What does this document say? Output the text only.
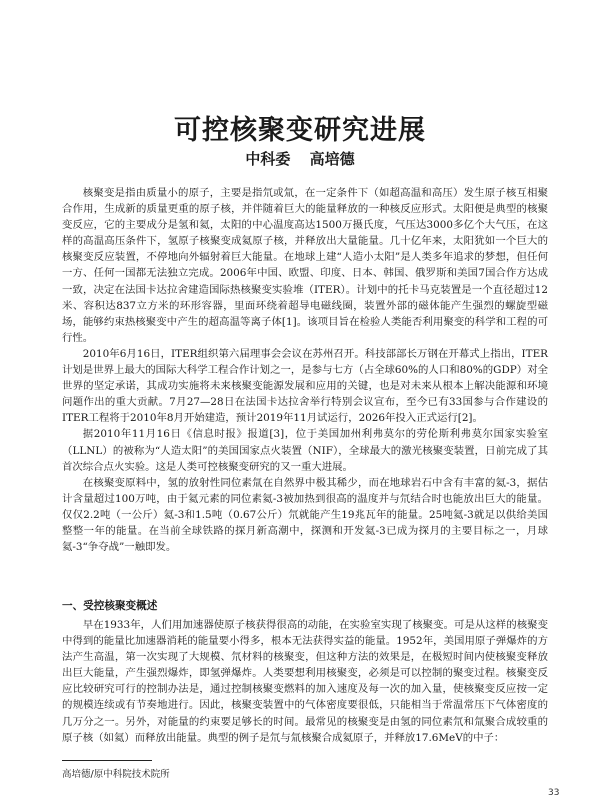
可控核聚变研究进展
中科委 高培德

核聚变是指由质量小的原子，主要是指氘或氚，在一定条件下（如超高温和高压）发生原子核互相聚合作用，生成新的质量更重的原子核，并伴随着巨大的能量释放的一种核反应形式。太阳便是典型的核聚变反应，它的主要成分是氢和氦，太阳的中心温度高达1500万摄氏度，气压达3000多亿个大气压，在这样的高温高压条件下，氢原子核聚变成氦原子核，并释放出大量能量。几十亿年来，太阳犹如一个巨大的核聚变反应装置，不停地向外辐射着巨大能量。在地球上建“人造小太阳”是人类多年追求的梦想，但任何一方、任何一国都无法独立完成。2006年中国、欧盟、印度、日本、韩国、俄罗斯和美国7国合作方达成一致，决定在法国卡达拉舍建造国际热核聚变实验堆（ITER）。计划中的托卡马克装置是一个直径超过12米、容积达837立方米的环形容器，里面环绕着超导电磁线圈，装置外部的磁体能产生强烈的螺旋型磁场，能够约束热核聚变中产生的超高温等离子体[1]。该项目旨在检验人类能否利用聚变的科学和工程的可行性。

2010年6月16日，ITER组织第六届理事会会议在苏州召开。科技部部长万钢在开幕式上指出，ITER计划是世界上最大的国际大科学工程合作计划之一，是参与七方（占全球60%的人口和80%的GDP）对全世界的坚定承诺，其成功实施将未来核聚变能源发展和应用的关键，也是对未来从根本上解决能源和环境问题作出的重大贡献。7月27—28日在法国卡达拉舍举行特别会议宣布，至今已有33国参与合作建设的ITER工程将于2010年8月开始建造，预计2019年11月试运行，2026年投入正式运行[2]。

据2010年11月16日《信息时报》报道[3]，位于美国加州利弗莫尔的劳伦斯利弗莫尔国家实验室（LLNL）的被称为“人造太阳”的美国国家点火装置（NIF），全球最大的激光核聚变装置，日前完成了其首次综合点火实验。这是人类可控核聚变研究的又一重大进展。

在核聚变原料中，氢的放射性同位素氚在自然界中极其稀少，而在地球岩石中含有丰富的氦-3，据估计含量超过100万吨，由于氦元素的同位素氦-3被加热到很高的温度并与氘结合时也能放出巨大的能量。仅仅2.2吨（一公斤）氦-3和1.5吨（0.67公斤）氘就能产生19兆瓦年的能量。25吨氦-3就足以供给美国整整一年的能量。在当前全球铁路的探月新高潮中，探测和开发氦-3已成为探月的主要目标之一，月球氦-3“争夺战”一触即发。

一、受控核聚变概述

早在1933年，人们用加速器使原子核获得很高的动能，在实验室实现了核聚变。可是从这样的核聚变中得到的能量比加速器消耗的能量要小得多，根本无法获得实益的能量。1952年，美国用原子弹爆炸的方法产生高温，第一次实现了大规模、氘材料的核聚变，但这种方法的效果是，在极短时间内使核聚变释放出巨大能量，产生强烈爆炸，即氢弹爆炸。人类要想利用核聚变，必须是可以控制的聚变过程。核聚变反应比较研究可行的控制办法是，通过控制核聚变燃料的加入速度及每一次的加入量，使核聚变反应按一定的规模连续或有节奏地进行。因此，核聚变装置中的气体密度要很低，只能相当于常温常压下气体密度的几万分之一。另外，对能量的约束要足够长的时间。最常见的核聚变是由氢的同位素氘和氚聚合成较重的原子核（如氦）而释放出能量。典型的例子是氘与氚核聚合成氦原子，并释放17.6MeV的中子：

高培德/原中科院技术院所
33
